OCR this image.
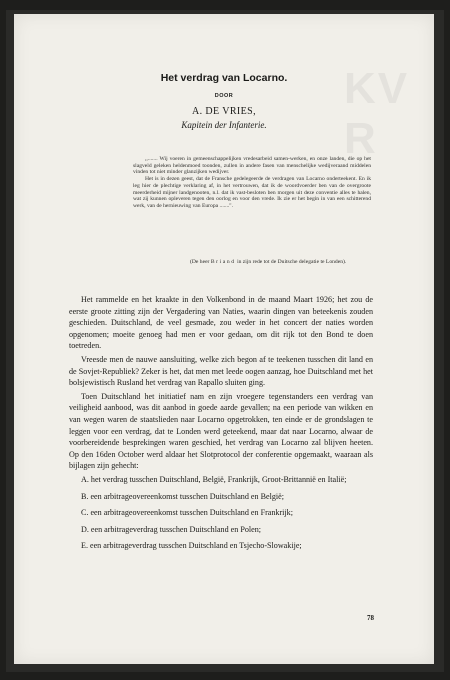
KV
R
Het verdrag van Locarno.
DOOR
A. DE VRIES,
Kapitein der Infanterie.

,,....... Wij voeren in gemeenschappelijken vredesarbeid samen-werken, en onze landen, die op het slagveld geleken heldenmoed toonden, zullen in andere fasen van menschelijke wedijveraand middelen vinden tot niet minder glanzijken wedijver.

Het is in dezen geest, dat de Fransche gedelegeerde de verdragen van Locarno onderteekent. En ik leg hier de plechtige verklaring af, in het vertrouwen, dat ik de woordvoerder ben van de overgroote meerderheid mijner landgenooten, n.l. dat ik vast-besloten ben morgen uit deze conventie alles te halen, wat zij kunnen opleveren tegen den oorlog en voor den vrede. Ik zie er het begin in van een schitterend werk, van de hernieuwing van Europa .......".

(De heer Briand in zijn rede tot de Duitsche delegatie te Londen).

Het rammelde en het kraakte in den Volkenbond in de maand Maart 1926; het zou de eerste groote zitting zijn der Vergadering van Naties, waarin dingen van beteekenis zouden geschieden. Duitschland, de veel gesmade, zou weder in het concert der naties worden opgenomen; moeite genoeg had men er voor gedaan, om dit rijk tot den Bond te doen toetreden.

Vreesde men de nauwe aansluiting, welke zich begon af te teekenen tusschen dit land en de Sovjet-Republiek? Zeker is het, dat men met leede oogen aanzag, hoe Duitschland met het bolsjewistisch Rusland het verdrag van Rapallo sluiten ging.

Toen Duitschland het initiatief nam en zijn vroegere tegenstanders een verdrag van veiligheid aanbood, was dit aanbod in goede aarde gevallen; na een periode van wikken en van wegen waren de staatslieden naar Locarno opgetrokken, ten einde er de grondslagen te leggen voor een verdrag, dat te Londen werd geteekend, maar dat naar Locarno, alwaar de voorbereidende besprekingen waren geschied, het verdrag van Locarno zal blijven heeten. Op den 16den October werd aldaar het Slotprotocol der conferentie opgemaakt, waaraan als bijlagen zijn gehecht:

A. het verdrag tusschen Duitschland, België, Frankrijk, Groot-Brittannië en Italië;

B. een arbitrageovereenkomst tusschen Duitschland en België;

C. een arbitrageovereenkomst tusschen Duitschland en Frankrijk;

D. een arbitrageverdrag tusschen Duitschland en Polen;

E. een arbitrageverdrag tusschen Duitschland en Tsjecho-Slowakije;

78
